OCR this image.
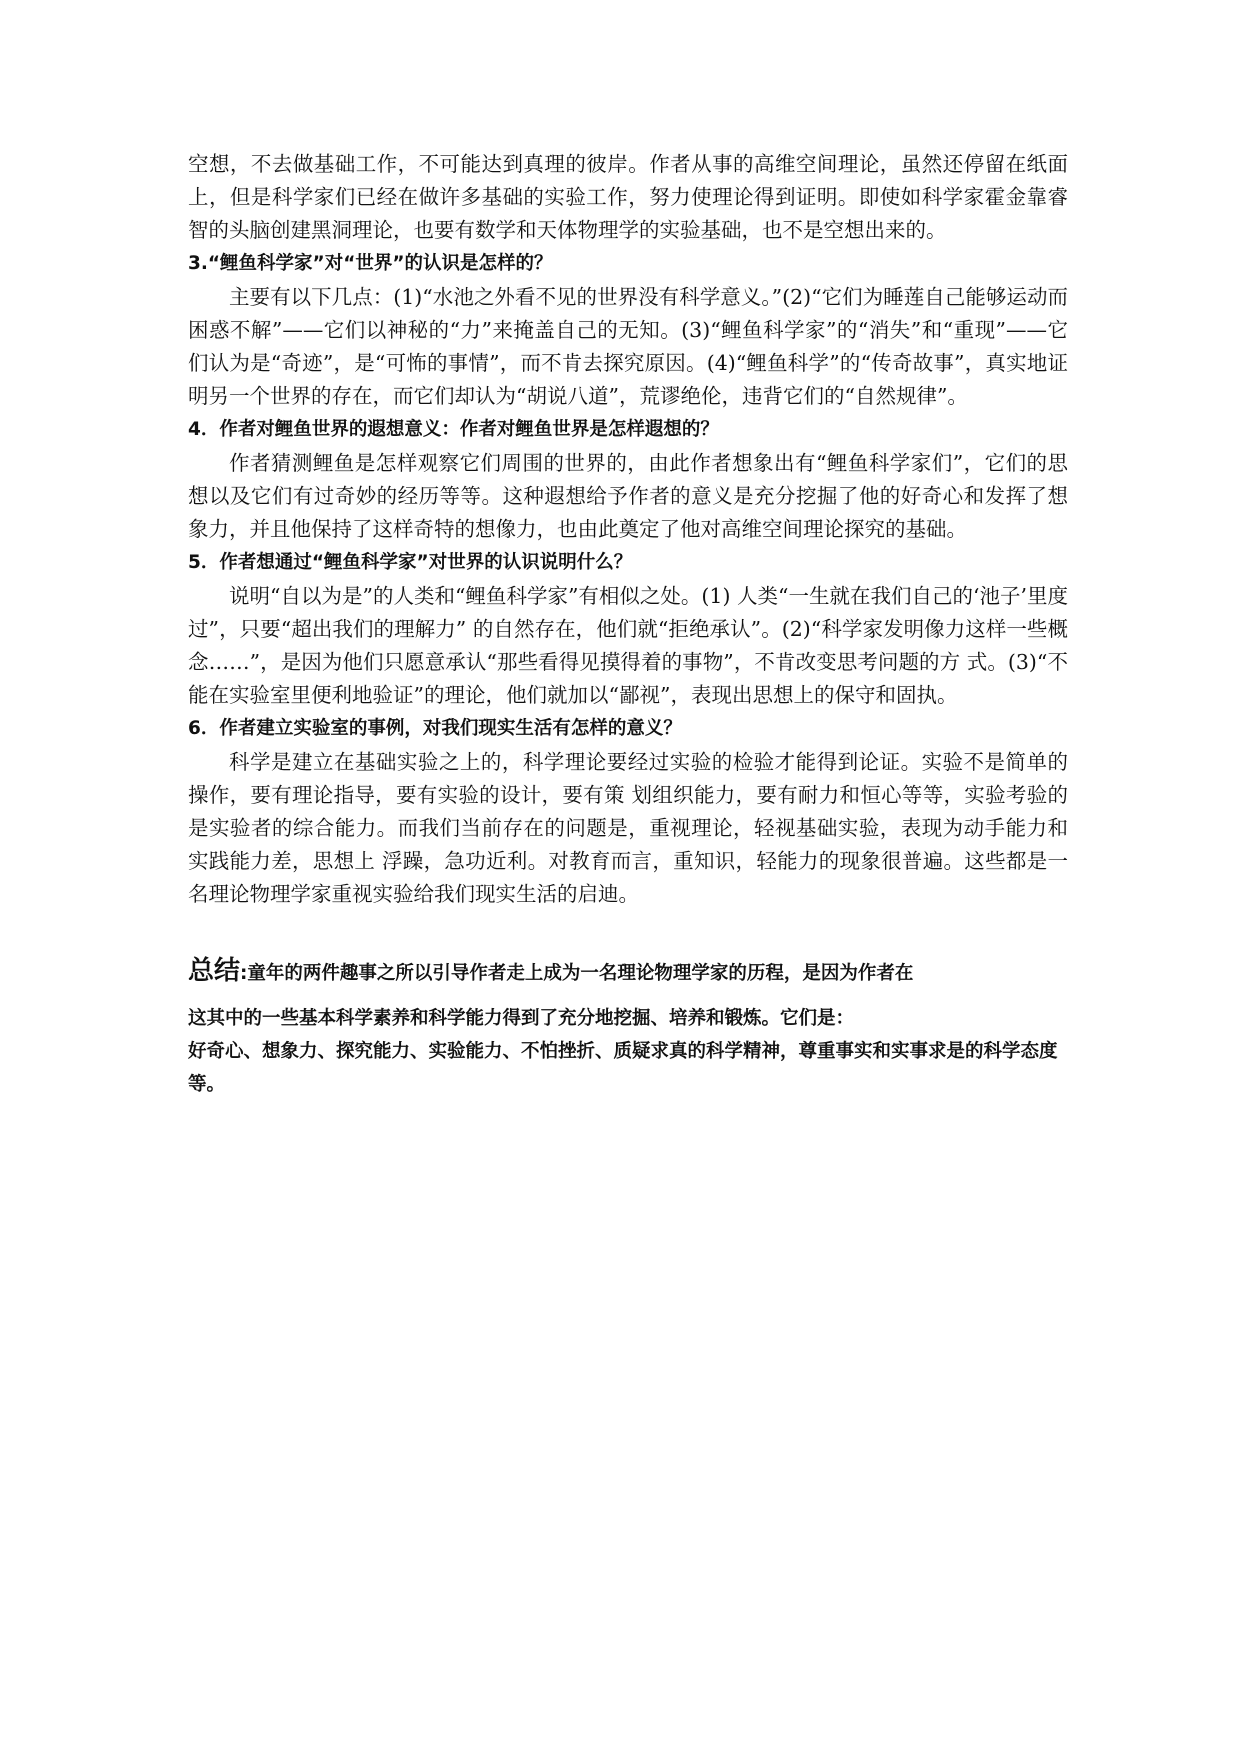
空想，不去做基础工作，不可能达到真理的彼岸。作者从事的高维空间理论，虽然还停留在纸面上，但是科学家们已经在做许多基础的实验工作，努力使理论得到证明。即使如科学家霍金靠睿智的头脑创建黑洞理论，也要有数学和天体物理学的实验基础，也不是空想出来的。

3.“鲤鱼科学家”对“世界”的认识是怎样的？

主要有以下几点：(1)“水池之外看不见的世界没有科学意义。”(2)“它们为睡莲自己能够运动而困惑不解”——它们以神秘的“力”来掩盖自己的无知。(3)“鲤鱼科学家”的“消失”和“重现”——它们认为是“奇迹”，是“可怖的事情”，而不肯去探究原因。(4)“鲤鱼科学”的“传奇故事”，真实地证明另一个世界的存在，而它们却认为“胡说八道”，荒谬绝伦，违背它们的“自然规律”。

4．作者对鲤鱼世界的遐想意义：作者对鲤鱼世界是怎样遐想的？

作者猜测鲤鱼是怎样观察它们周围的世界的，由此作者想象出有“鲤鱼科学家们”，它们的思想以及它们有过奇妙的经历等等。这种遐想给予作者的意义是充分挖掘了他的好奇心和发挥了想象力，并且他保持了这样奇特的想像力，也由此奠定了他对高维空间理论探究的基础。

5．作者想通过“鲤鱼科学家”对世界的认识说明什么？

说明“自以为是”的人类和“鲤鱼科学家”有相似之处。(1) 人类“一生就在我们自己的‘池子’里度过”，只要“超出我们的理解力” 的自然存在，他们就“拒绝承认”。(2)“科学家发明像力这样一些概念……”，是因为他们只愿意承认“那些看得见摸得着的事物”，不肯改变思考问题的方 式。(3)“不能在实验室里便利地验证”的理论，他们就加以“鄙视”，表现出思想上的保守和固执。

6．作者建立实验室的事例，对我们现实生活有怎样的意义？

科学是建立在基础实验之上的，科学理论要经过实验的检验才能得到论证。实验不是简单的操作，要有理论指导，要有实验的设计，要有策 划组织能力，要有耐力和恒心等等，实验考验的是实验者的综合能力。而我们当前存在的问题是，重视理论，轻视基础实验，表现为动手能力和实践能力差，思想上 浮躁，急功近利。对教育而言，重知识，轻能力的现象很普遍。这些都是一名理论物理学家重视实验给我们现实生活的启迪。

总结:童年的两件趣事之所以引导作者走上成为一名理论物理学家的历程，是因为作者在

这其中的一些基本科学素养和科学能力得到了充分地挖掘、培养和锻炼。它们是：

好奇心、想象力、探究能力、实验能力、不怕挫折、质疑求真的科学精神，尊重事实和实事求是的科学态度等。
